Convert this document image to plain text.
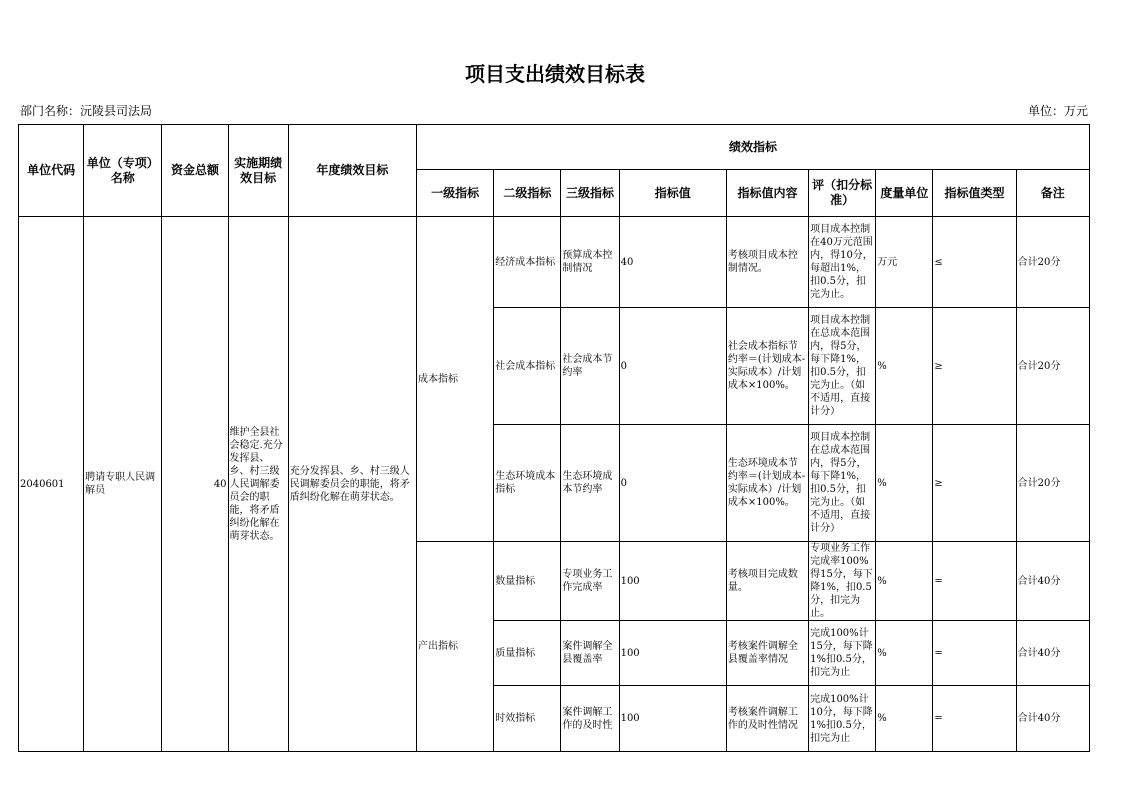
项目支出绩效目标表
部门名称：沅陵县司法局	单位：万元
单位代码	单位（专项）名称	资金总额	实施期绩效目标	年度绩效目标	绩效指标								
					一级指标	二级指标	三级指标	指标值	指标值内容	评（扣分标准）	度量单位	指标值类型	备注
2040601	聘请专职人民调解员	40	维护全县社会稳定.充分发挥县、乡、村三级人民调解委员会的职能，将矛盾纠纷化解在萌芽状态。	充分发挥县、乡、村三级人民调解委员会的职能，将矛盾纠纷化解在萌芽状态。	成本指标	经济成本指标	预算成本控制情况	40	考核项目成本控制情况。	项目成本控制在40万元范围内，得10分，每超出1%，扣0.5分，扣完为止。	万元	≤	合计20分
						社会成本指标	社会成本节约率	0	社会成本指标节约率＝(计划成本-实际成本）/计划成本×100%。	项目成本控制在总成本范围内，得5分，每下降1%，扣0.5分，扣完为止。（如不适用，直接计分）	%	≥	合计20分
						生态环境成本指标	生态环境成本节约率	0	生态环境成本节约率＝(计划成本-实际成本）/计划成本×100%。	项目成本控制在总成本范围内，得5分，每下降1%，扣0.5分，扣完为止。（如不适用，直接计分）	%	≥	合计20分
					产出指标	数量指标	专项业务工作完成率	100	考核项目完成数量。	专项业务工作完成率100%得15分，每下降1%，扣0.5分，扣完为止。	%	=	合计40分
						质量指标	案件调解全县覆盖率	100	考核案件调解全县覆盖率情况	完成100%计15分，每下降1%扣0.5分，扣完为止	%	=	合计40分
						时效指标	案件调解工作的及时性	100	考核案件调解工作的及时性情况	完成100%计10分，每下降1%扣0.5分，扣完为止	%	=	合计40分
